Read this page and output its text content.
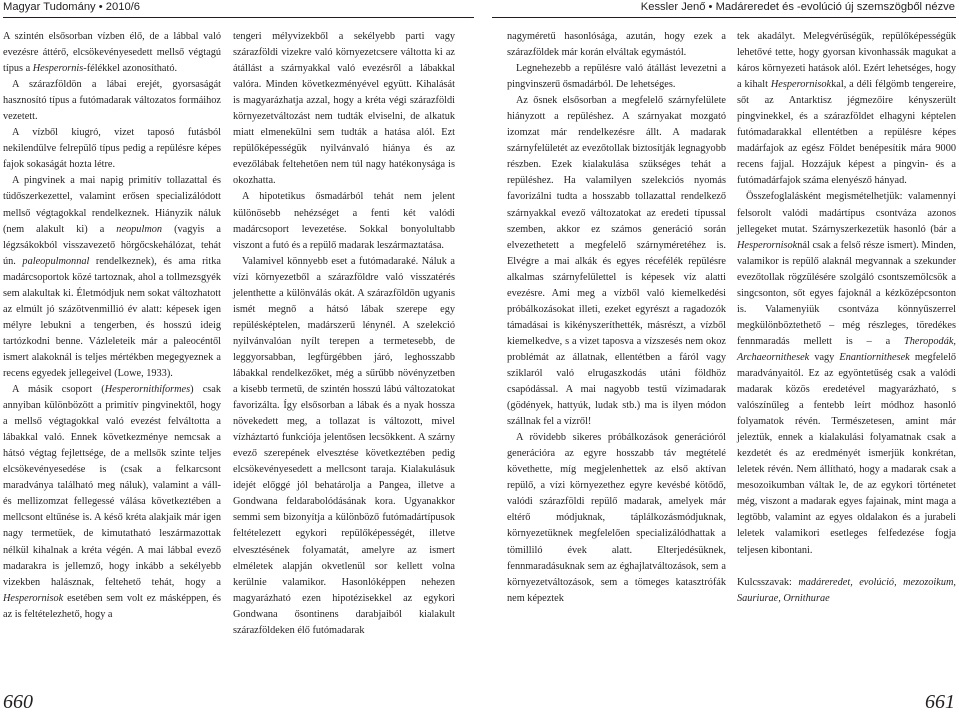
Magyar Tudomány • 2010/6	Kessler Jenő • Madáreredet és -evolúció új szemszögből nézve

A szintén elsősorban vízben élő, de a lábbal való evezésre áttérő, elcsökevényesedett mellső végtagú típus a Hesperornis-félékkel azonosítható.

A szárazföldön a lábai erejét, gyorsaságát hasznosító típus a futómadarak változatos formáihoz vezetett.

A vízből kiugró, vizet taposó futásból nekilendülve felrepülő típus pedig a repülésre képes fajok sokaságát hozta létre.

A pingvinek a mai napig primitív tollazattal és tüdőszerkezettel, valamint erősen specializálódott mellső végtagokkal rendelkeznek. Hiányzik náluk (nem alakult ki) a neopulmon (vagyis a légzsákokból visszavezető hörgőcskehálózat, tehát ún. paleopulmonnal rendelkeznek), és ama ritka madárcsoportok közé tartoznak, ahol a tollmezsgyék sem alakultak ki. Életmódjuk nem sokat változhatott az elmúlt jó százötvenmillió év alatt: képesek igen mélyre lebukni a tengerben, és hosszú ideig tartózkodni benne. Vázleleteik már a paleocéntől ismert alakoknál is teljes mértékben megegyeznek a recens egyedek jellegeivel (Lowe, 1933).

A másik csoport (Hesperornithiformes) csak annyiban különbözött a primitív pingvinektől, hogy a mellső végtagokkal való evezést felváltotta a lábakkal való. Ennek következménye nemcsak a hátsó végtag fejlettsége, de a mellsők szinte teljes elcsökevényesedése is (csak a felkarcsont maradványa található meg náluk), valamint a váll- és mellizomzat fellegessé válása következtében a mellcsont eltűnése is. A késő kréta alakjaik már igen nagy termetűek, de kimutatható leszármazottak nélkül kihalnak a kréta végén. A mai lábbal evező madarakra is jellemző, hogy inkább a sekélyebb vizekben halásznak, feltehető tehát, hogy a Hesperornisok esetében sem volt ez másképpen, és az is feltételezhető, hogy a

tengeri mélyvizekből a sekélyebb parti vagy szárazföldi vizekre való környezetcsere váltotta ki az átállást a szárnyakkal való evezésről a lábakkal valóra. Minden következményével együtt. Kihalását is magyarázhatja azzal, hogy a kréta végi szárazföldi környezetváltozást nem tudták elviselni, de alkatuk miatt elmenekülni sem tudták a hatása alól. Ezt repülőképességük nyilvánvaló hiánya és az evezőlábak feltehetően nem túl nagy hatékonysága is okozhatta.

A hipotetikus ősmadárból tehát nem jelent különösebb nehézséget a fenti két valódi madárcsoport levezetése. Sokkal bonyolultabb viszont a futó és a repülő madarak leszármaztatása.

Valamivel könnyebb eset a futómadaraké. Náluk a vízi környezetből a szárazföldre való visszatérés jelenthette a különválás okát. A szárazföldön ugyanis ismét megnő a hátsó lábak szerepe egy repülésképtelen, madárszerű lénynél. A szelekció nyilvánvalóan nyílt terepen a termetesebb, de leggyorsabban, legfürgébben járó, leghosszabb lábakkal rendelkezőket, még a sűrűbb növényzetben a kisebb termetű, de szintén hosszú lábú változatokat favorizálta. Így elsősorban a lábak és a nyak hossza növekedett meg, a tollazat is változott, mivel vízháztartó funkciója jelentősen lecsökkent. A szárny evező szerepének elvesztése következtében pedig elcsökevényesedett a mellcsont taraja. Kialakulásuk idejét előggé jól behatárolja a Pangea, illetve a Gondwana feldarabolódásának kora. Ugyanakkor semmi sem bizonyítja a különböző futómadártípusok feltételezett egykori repülőképességét, illetve elvesztésének folyamatát, amelyre az ismert elméletek alapján okvetlenül sor kellett volna kerülnie valamikor. Hasonlóképpen nehezen magyarázható ezen hipotézisekkel az egykori Gondwana ősontinens darabjaiból kialakult szárazföldeken élő futómadarak

nagyméretű hasonlósága, azután, hogy ezek a szárazföldek már korán elváltak egymástól.

Legnehezebb a repülésre való átállást levezetni a pingvinszerű ősmadárból. De lehetséges.

Az ősnek elsősorban a megfelelő szárnyfelülete hiányzott a repüléshez. A szárnyakat mozgató izomzat már rendelkezésre állt. A madarak szárnyfelületét az evezőtollak biztosítják legnagyobb részben. Ezek kialakulása szükséges tehát a repüléshez. Ha valamilyen szelekciós nyomás favorizálni tudta a hosszabb tollazattal rendelkező szárnyakkal evező változatokat az eredeti típussal szemben, akkor ez számos generáció során elvezethetett a megfelelő szárnyméretéhez is. Elvégre a mai alkák és egyes récefélék repülésre alkalmas szárnyfelülettel is képesek víz alatti evezésre. Ami meg a vízből való kiemelkedési próbálkozásokat illeti, ezeket egyrészt a ragadozók támadásai is kikényszeríthették, másrészt, a vízből kiemelkedve, s a vizet taposva a vízszesés nem okoz problémát az állatnak, ellentétben a fáról vagy sziklaról való elrugaszkodás utáni földhöz csapódással. A mai nagyobb testű vízimadarak (gödények, hattyúk, ludak stb.) ma is ilyen módon szállnak fel a vízről!

A rövidebb sikeres próbálkozások generációról generációra az egyre hosszabb táv megtételé követhette, míg megjelenhettek az első aktívan repülő, a vízi környezethez egyre kevésbé kötődő, valódi szárazföldi repülő madarak, amelyek már eltérő módjuknak, táplálkozásmódjuknak, környezetüknek megfelelően specializálódhattak a tömilliló évek alatt. Elterjedésüknek, fennmaradásuknak sem az éghajlatváltozások, sem a környezetváltozások, sem a tömeges katasztrófák nem képeztek

tek akadályt. Melegvérűségük, repülőképességük lehetővé tette, hogy gyorsan kivonhassák magukat a káros környezeti hatások alól. Ezért lehetséges, hogy a kihalt Hesperornisokkal, a déli félgömb tengereire, sőt az Antarktisz jégmezőire kényszerült pingvinekkel, és a szárazföldet elhagyni képtelen futómadarakkal ellentétben a repülésre képes madárfajok az egész Földet benépesítik mára 9000 recens fajjal. Hozzájuk képest a pingvin- és a futómadárfajok száma elenyésző hányad.

Összefoglalásként megismételhetjük: valamennyi felsorolt valódi madártípus csontváza azonos jellegeket mutat. Szárnyszerkezetük hasonló (bár a Hesperornisoknál csak a felső része ismert). Minden, valamikor is repülő alaknál megvannak a szekunder evezőtollak rögzülésére szolgáló csontszemölcsök a singcsonton, sőt egyes fajoknál a kézközépcsonton is. Valamenyiük csontváza könnyűszerrel megkülönböztethető – még részleges, töredékes fennmaradás mellett is – a Theropodák, Archaeornithesek vagy Enantiornithesek megfelelő maradványaitól. Ez az egyöntetűség csak a valódi madarak közös eredetével magyarázható, s valószínűleg a fentebb leírt módhoz hasonló folyamatok révén. Természetesen, amint már jeleztük, ennek a kialakulási folyamatnak csak a kezdetét és az eredményét ismerjük konkrétan, leletek révén. Nem állítható, hogy a madarak csak a mesozoikumban váltak le, de az egykori történetet még, viszont a madarak egyes fajainak, mint maga a legtöbb, valamint az egyes oldalakon és a jurabeli leletek valamikori esetleges felfedezése fogja teljesen kibontani.

Kulcsszavak: madáreredet, evolúció, mezozoikum, Sauriurae, Ornithurae

660	661
